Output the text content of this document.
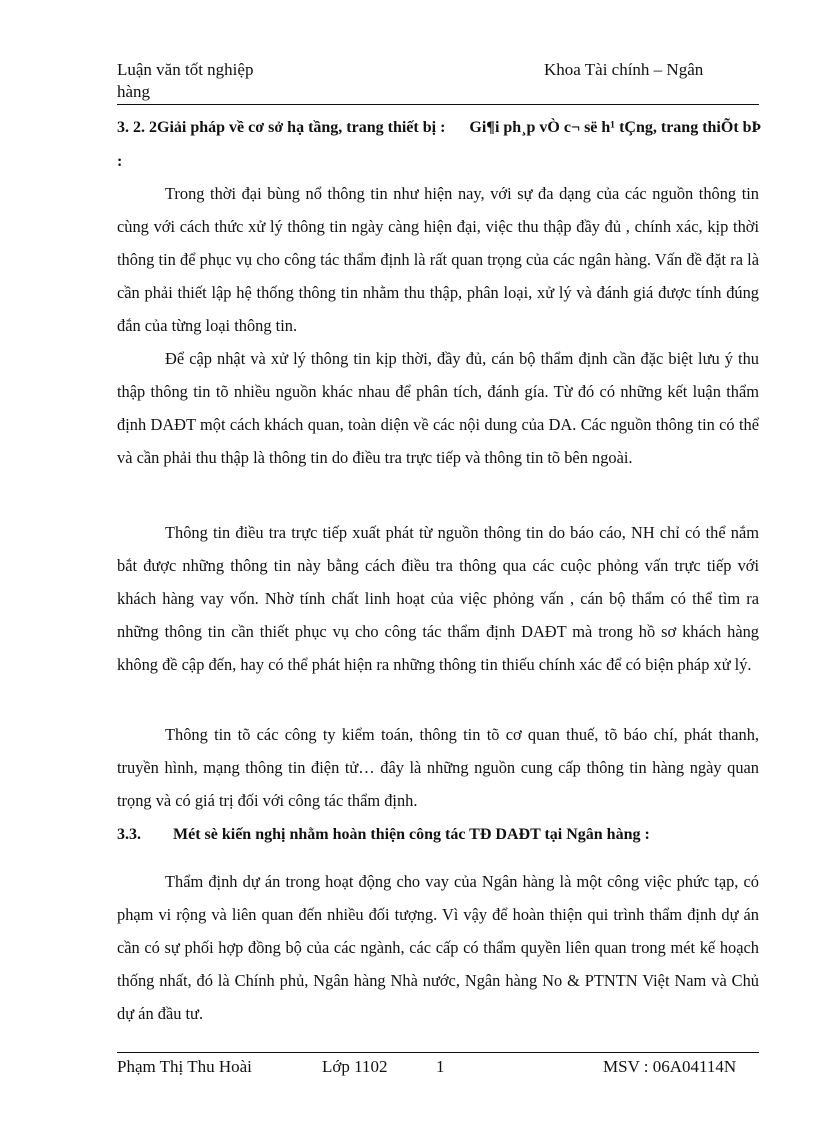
Luận văn tốt nghiệp
hàng
Khoa Tài chính – Ngân
3. 2. 2Giải pháp về cơ sở hạ tầng, trang thiết bị : Gi¶i ph¸p vÒ c¬ së h¹ tÇng, trang thiÕt bÞ :

Trong thời đại bùng nổ thông tin như hiện nay, với sự đa dạng của các nguồn thông tin cùng với cách thức xử lý thông tin ngày càng hiện đại, việc thu thập đầy đủ , chính xác, kịp thời thông tin để phục vụ cho công tác thẩm định là rất quan trọng của các ngân hàng. Vấn đề đặt ra là cần phải thiết lập hệ thống thông tin nhằm thu thập, phân loại, xử lý và đánh giá được tính đúng đắn của từng loại thông tin.

Để cập nhật và xử lý thông tin kịp thời, đầy đủ, cán bộ thẩm định cần đặc biệt lưu ý thu thập thông tin tõ nhiều nguồn khác nhau để phân tích, đánh gía. Từ đó có những kết luận thẩm định DAĐT một cách khách quan, toàn diện về các nội dung của DA. Các nguồn thông tin có thể và cần phải thu thập là thông tin do điều tra trực tiếp và thông tin tõ bên ngoài.

Thông tin điều tra trực tiếp xuất phát từ nguồn thông tin do báo cáo, NH chỉ có thể nắm bắt được những thông tin này bằng cách điều tra thông qua các cuộc phỏng vấn trực tiếp với khách hàng vay vốn. Nhờ tính chất linh hoạt của việc phỏng vấn , cán bộ thẩm có thể tìm ra những thông tin cần thiết phục vụ cho công tác thẩm định DAĐT mà trong hồ sơ khách hàng không đề cập đến, hay có thể phát hiện ra những thông tin thiếu chính xác để có biện pháp xử lý.

Thông tin tõ các công ty kiểm toán, thông tin tõ cơ quan thuế, tõ báo chí, phát thanh, truyền hình, mạng thông tin điện tử… đây là những nguồn cung cấp thông tin hàng ngày quan trọng và có giá trị đối với công tác thẩm định.

3.3. Mét sè kiến nghị nhằm hoàn thiện công tác TĐ DAĐT tại Ngân hàng :

Thẩm định dự án trong hoạt động cho vay của Ngân hàng là một công việc phức tạp, có phạm vi rộng và liên quan đến nhiều đối tượng. Vì vậy để hoàn thiện qui trình thẩm định dự án cần có sự phối hợp đồng bộ của các ngành, các cấp có thẩm quyền liên quan trong mét kế hoạch thống nhất, đó là Chính phủ, Ngân hàng Nhà nước, Ngân hàng No & PTNTN Việt Nam và Chủ dự án đầu tư.

Phạm Thị Thu Hoài	Lớp 1102	1	MSV : 06A04114N
